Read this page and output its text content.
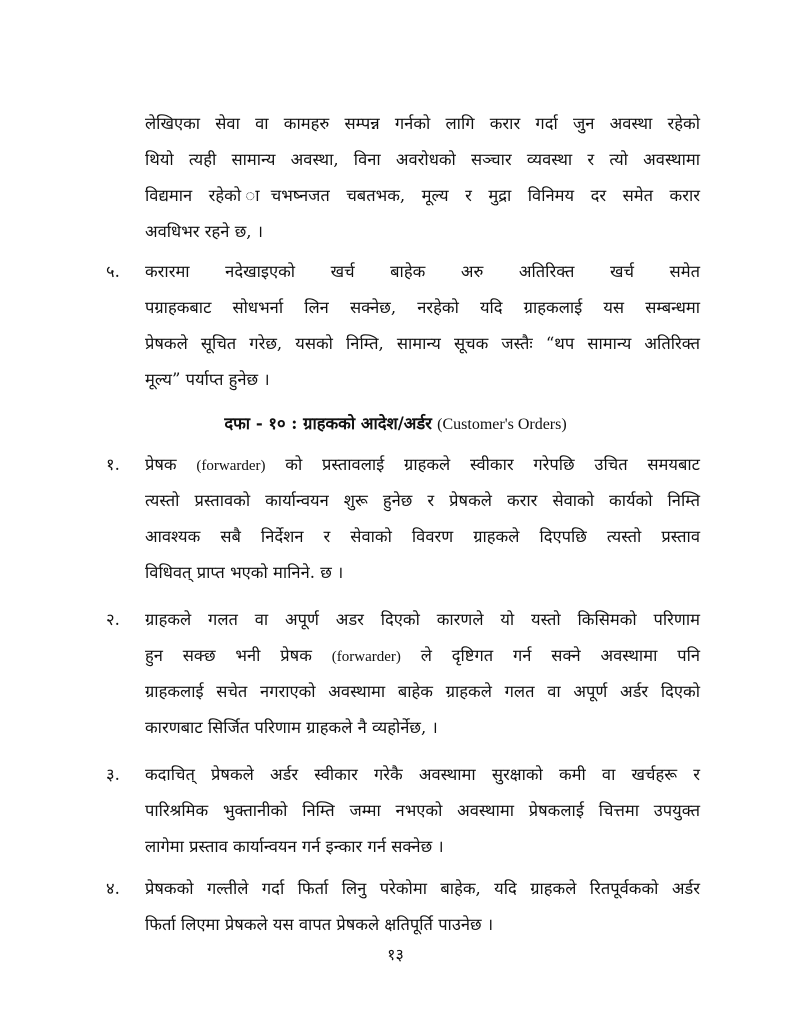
लेखिएका सेवा वा कामहरु सम्पन्न गर्नको लागि करार गर्दा जुन अवस्था रहेको
थियो त्यही सामान्य अवस्था, विना अवरोधको सञ्चार व्यवस्था र त्यो अवस्थामा
विद्यमान रहेको ाचभष्नजत चबतभक, मूल्य र मुद्रा विनिमय दर समेत करार
अवधिभर रहने छ, ।
५. करारमा नदेखाइएको खर्च बाहेक अरु अतिरिक्त खर्च समेत
पग्राहकबाट सोधभर्ना लिन सक्नेछ, नरहेको यदि ग्राहकलाई यस सम्बन्धमा
प्रेषकले सूचित गरेछ, यसको निम्ति, सामान्य सूचक जस्तैः “थप सामान्य अतिरिक्त
मूल्य” पर्याप्त हुनेछ ।
दफा - १० : ग्राहकको आदेश/अर्डर (Customer's Orders)
१. प्रेषक (forwarder) को प्रस्तावलाई ग्राहकले स्वीकार गरेपछि उचित समयबाट
त्यस्तो प्रस्तावको कार्यान्वयन शुरू हुनेछ र प्रेषकले करार सेवाको कार्यको निम्ति
आवश्यक सबै निर्देशन र सेवाको विवरण ग्राहकले दिएपछि त्यस्तो प्रस्ताव
विधिवत् प्राप्त भएको मानिने. छ ।
२. ग्राहकले गलत वा अपूर्ण अडर दिएको कारणले यो यस्तो किसिमको परिणाम
हुन सक्छ भनी प्रेषक (forwarder) ले दृष्टिगत गर्न सक्ने अवस्थामा पनि
ग्राहकलाई सचेत नगराएको अवस्थामा बाहेक ग्राहकले गलत वा अपूर्ण अर्डर दिएको
कारणबाट सिर्जित परिणाम ग्राहकले नै व्यहोर्नेछ, ।
३. कदाचित् प्रेषकले अर्डर स्वीकार गरेकै अवस्थामा सुरक्षाको कमी वा खर्चहरू र
पारिश्रमिक भुक्तानीको निम्ति जम्मा नभएको अवस्थामा प्रेषकलाई चित्तमा उपयुक्त
लागेमा प्रस्ताव कार्यान्वयन गर्न इन्कार गर्न सक्नेछ ।
४. प्रेषकको गल्तीले गर्दा फिर्ता लिनु परेकोमा बाहेक, यदि ग्राहकले रितपूर्वकको अर्डर
फिर्ता लिएमा प्रेषकले यस वापत प्रेषकले क्षतिपूर्ति पाउनेछ ।
१३
